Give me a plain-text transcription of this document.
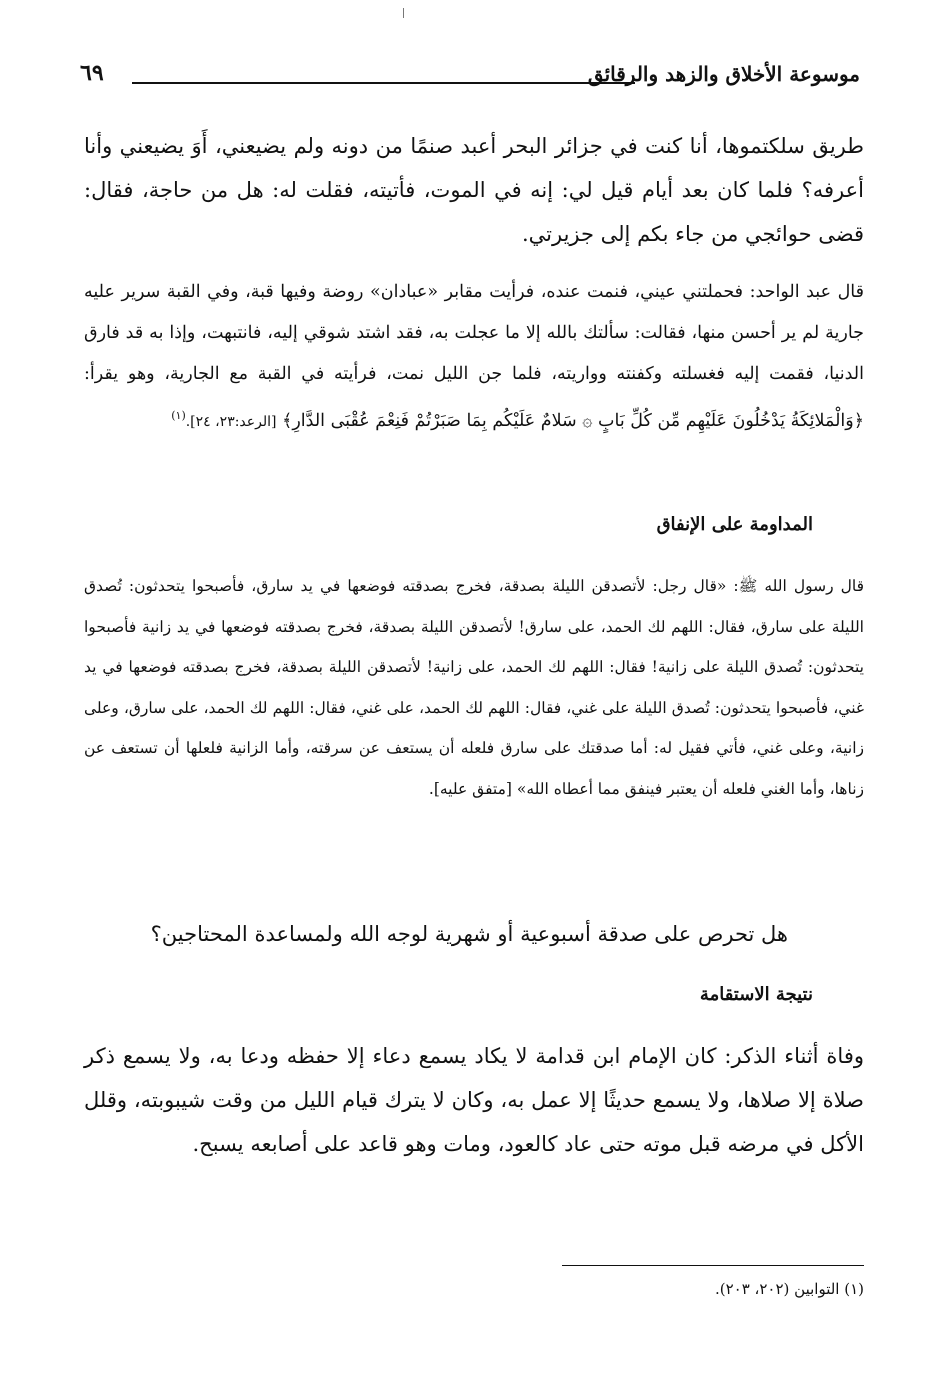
موسوعة الأخلاق والزهد والرقائق
٦٩

طريق سلكتموها، أنا كنت في جزائر البحر أعبد صنمًا من دونه ولم يضيعني، أَوَ يضيعني وأنا أعرفه؟ فلما كان بعد أيام قيل لي: إنه في الموت، فأتيته، فقلت له: هل من حاجة، فقال: قضى حوائجي من جاء بكم إلى جزيرتي.

قال عبد الواحد: فحملتني عيني، فنمت عنده، فرأيت مقابر «عبادان» روضة وفيها قبة، وفي القبة سرير عليه جارية لم ير أحسن منها، فقالت: سألتك بالله إلا ما عجلت به، فقد اشتد شوقي إليه، فانتبهت، وإذا به قد فارق الدنيا، فقمت إليه فغسلته وكفنته وواريته، فلما جن الليل نمت، فرأيته في القبة مع الجارية، وهو يقرأ: ﴿وَالْمَلائِكَةُ يَدْخُلُونَ عَلَيْهِم مِّن كُلِّ بَابٍ ۞ سَلامٌ عَلَيْكُم بِمَا صَبَرْتُمْ فَنِعْمَ عُقْبَى الدَّارِ﴾ [الرعد:٢٣، ٢٤].$^{(١)}$

المداومة على الإنفاق

قال رسول الله ﷺ: «قال رجل: لأتصدقن الليلة بصدقة، فخرج بصدقته فوضعها في يد سارق، فأصبحوا يتحدثون: تُصدق الليلة على سارق، فقال: اللهم لك الحمد، على سارق! لأتصدقن الليلة بصدقة، فخرج بصدقته فوضعها في يد زانية فأصبحوا يتحدثون: تُصدق الليلة على زانية! فقال: اللهم لك الحمد، على زانية! لأتصدقن الليلة بصدقة، فخرج بصدقته فوضعها في يد غني، فأصبحوا يتحدثون: تُصدق الليلة على غني، فقال: اللهم لك الحمد، على غني، فقال: اللهم لك الحمد، على سارق، وعلى زانية، وعلى غني، فأتي فقيل له: أما صدقتك على سارق فلعله أن يستعف عن سرقته، وأما الزانية فلعلها أن تستعف عن زناها، وأما الغني فلعله أن يعتبر فينفق مما أعطاه الله» [متفق عليه].

هل تحرص على صدقة أسبوعية أو شهرية لوجه الله ولمساعدة المحتاجين؟

نتيجة الاستقامة

وفاة أثناء الذكر: كان الإمام ابن قدامة لا يكاد يسمع دعاء إلا حفظه ودعا به، ولا يسمع ذكر صلاة إلا صلاها، ولا يسمع حديثًا إلا عمل به، وكان لا يترك قيام الليل من وقت شيبوبته، وقلل الأكل في مرضه قبل موته حتى عاد كالعود، ومات وهو قاعد على أصابعه يسبح.

(١) التوابين (٢٠٢، ٢٠٣).
